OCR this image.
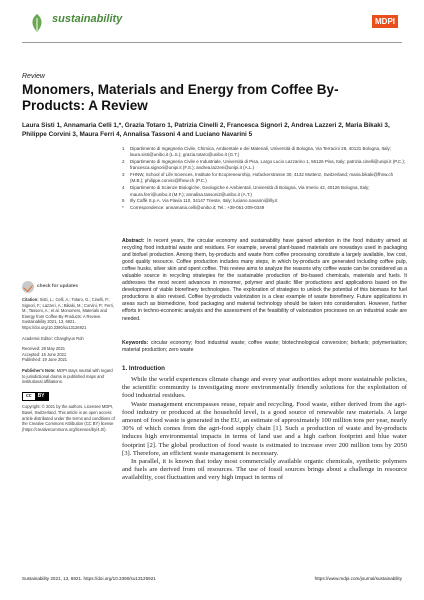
sustainability	MDPI
Review
Monomers, Materials and Energy from Coffee By-Products: A Review
Laura Sisti 1, Annamaria Celli 1,*, Grazia Totaro 1, Patrizia Cinelli 2, Francesca Signori 2, Andrea Lazzeri 2, Maria Bikaki 3, Philippe Corvini 3, Maura Ferri 4, Annalisa Tassoni 4 and Luciano Navarini 5
1	Dipartimento di Ingegneria Civile, Chimica, Ambientale e dei Materiali, Università di Bologna, Via Terracini 28, 40131 Bologna, Italy; laura.sisti@unibo.it (L.S.); grazia.totaro@unibo.it (G.T.)
2	Dipartimento di Ingegneria Civile e Industriale, Università di Pisa, Largo Lucio Lazzarino 1, 56126 Pisa, Italy; patrizia.cinelli@unipi.it (P.C.); francesca.signori@unipi.it (F.S.); andrea.lazzeri@unipi.it (A.L.)
3	FHNW, School of Life Sciences, Institute for Ecopreneurship, Hofackerstrasse 30, 4132 Muttenz, Switzerland; maria.bikaki@fhnw.ch (M.B.); philippe.corvini@fhnw.ch (P.C.)
4	Dipartimento di Scienze Biologiche, Geologiche e Ambientali, Università di Bologna, Via Irnerio 42, 40126 Bologna, Italy; maura.ferri@unibo.it (M.F.); annalisa.tassoni2@unibo.it (A.T.)
5	Illy Caffè S.p.A. Via Flavia 110, 34147 Trieste, Italy; luciano.navarini@illy.it
*	Correspondence: annamaria.celli@unibo.it; Tel.: +39-051-209-0349
Abstract: In recent years, the circular economy and sustainability have gained attention in the food industry aimed at recycling food industrial waste and residues. For example, several plant-based materials are nowadays used in packaging and biofuel production. Among them, by-products and waste from coffee processing constitute a largely available, low cost, good quality resource. Coffee production includes many steps, in which by-products are generated including coffee pulp, coffee husks, silver skin and spent coffee. This review aims to analyze the reasons why coffee waste can be considered as a valuable source in recycling strategies for the sustainable production of bio-based chemicals, materials and fuels. It addresses the most recent advances in monomer, polymer and plastic filler productions and applications based on the development of viable biorefinery technologies. The exploration of strategies to unlock the potential of this biomass for fuel productions is also revised. Coffee by-products valorization is a clear example of waste biorefinery. Future applications in areas such as biomedicine, food packaging and material technology should be taken into consideration. However, further efforts in techno-economic analysis and the assessment of the feasibility of valorization processes on an industrial scale are needed.
Keywords: circular economy; food industrial waste; coffee waste; biotechnological conversion; biofuels; polymerisation; material production; zero waste
check for updates
Citation: Sisti, L.; Celli, A.; Totaro, G.; Cinelli, P.; Signori, F.; Lazzeri, A.; Bikaki, M.; Corvini, P.; Ferri, M.; Tassoni, A.; et al. Monomers, Materials and Energy from Coffee By-Products: A Review. Sustainability 2021, 13, 6921. https://doi.org/10.3390/su13126921
Academic Editor: Changhyun Roh
Received: 28 May 2021
Accepted: 16 June 2021
Published: 19 June 2021
Publisher's Note: MDPI stays neutral with regard to jurisdictional claims in published maps and institutional affiliations.
cc	BY
Copyright: © 2021 by the authors. Licensee MDPI, Basel, Switzerland. This article is an open access article distributed under the terms and conditions of the Creative Commons Attribution (CC BY) license (https://creativecommons.org/licenses/by/4.0/).
1. Introduction

While the world experiences climate change and every year authorities adopt more sustainable policies, the scientific community is investigating more environmentally friendly solutions for the exploitation of food industrial residues.

Waste management encompasses reuse, repair and recycling. Food waste, either derived from the agri-food industry or produced at the household level, is a good source of renewable raw materials. A large amount of food waste is generated in the EU, an estimate of approximately 100 million tons per year, nearly 30% of which comes from the agri-food supply chain [1]. Such a production of waste and by-products induces high environmental impacts in terms of land use and a high carbon footprint and blue water footprint [2]. The global production of food waste is estimated to increase over 200 million tons by 2050 [3]. Therefore, an efficient waste management is necessary.

In parallel, it is known that today most commercially available organic chemicals, synthetic polymers and fuels are derived from oil resources. The use of fossil sources brings about a challenge in resource availability, cost fluctuation and very high impact in terms of

Sustainability 2021, 13, 6921. https://doi.org/10.3390/su13126921	https://www.mdpi.com/journal/sustainability
